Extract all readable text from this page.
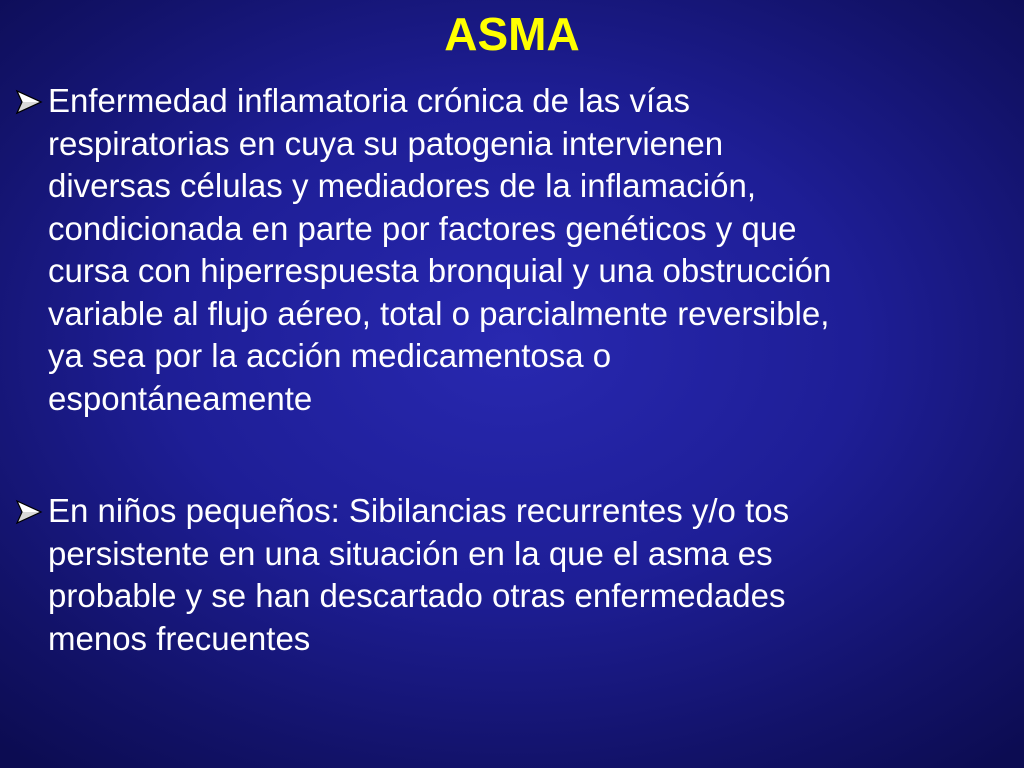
ASMA
Enfermedad inflamatoria crónica de las vías
respiratorias en cuya su patogenia intervienen
diversas células y mediadores de la inflamación,
condicionada en parte por factores genéticos y que
cursa con hiperrespuesta bronquial y una obstrucción
variable al flujo aéreo, total o parcialmente reversible,
ya sea por la acción medicamentosa o
espontáneamente
En niños pequeños: Sibilancias recurrentes y/o tos
persistente en una situación en la que el asma es
probable y se han descartado otras enfermedades
menos frecuentes
